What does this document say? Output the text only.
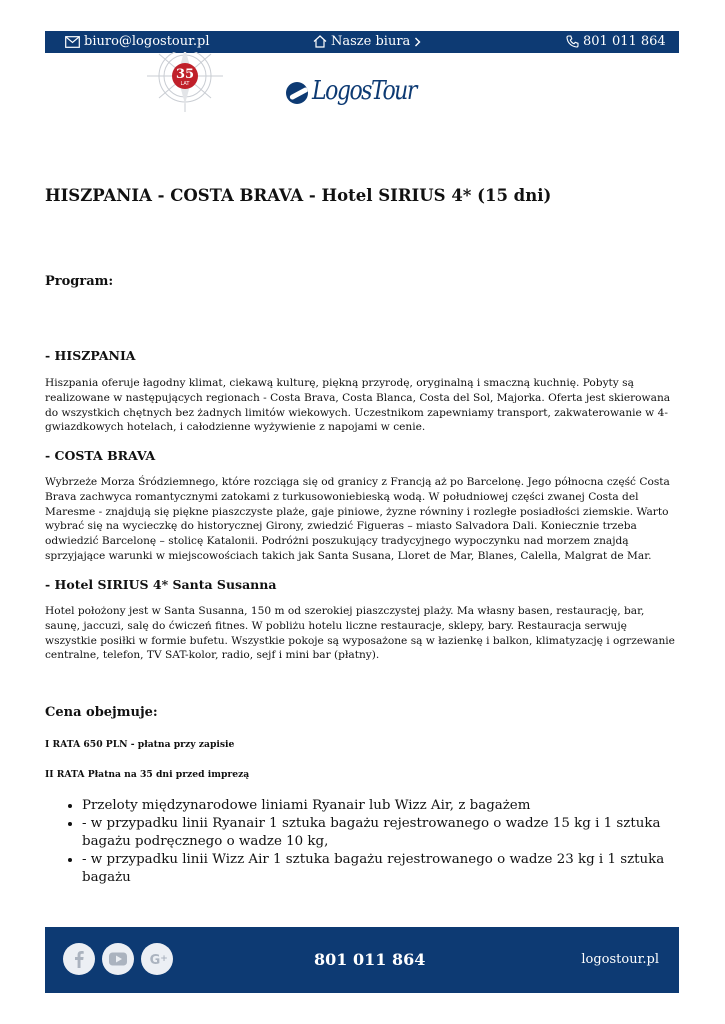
biuro@logostour.pl	Nasze biura	801 011 864
35
LAT	LogosTour
HISZPANIA - COSTA BRAVA - Hotel SIRIUS 4* (15 dni)
Program:
- HISZPANIA

Hiszpania oferuje łagodny klimat, ciekawą kulturę, piękną przyrodę, oryginalną i smaczną kuchnię. Pobyty są realizowane w następujących regionach - Costa Brava, Costa Blanca, Costa del Sol, Majorka. Oferta jest skierowana do wszystkich chętnych bez żadnych limitów wiekowych. Uczestnikom zapewniamy transport, zakwaterowanie w 4-gwiazdkowych hotelach, i całodzienne wyżywienie z napojami w cenie.

- COSTA BRAVA

Wybrzeże Morza Śródziemnego, które rozciąga się od granicy z Francją aż po Barcelonę. Jego północna część Costa Brava zachwyca romantycznymi zatokami z turkusowoniebieską wodą. W południowej części zwanej Costa del Maresme - znajdują się piękne piaszczyste plaże, gaje piniowe, żyzne równiny i rozległe posiadłości ziemskie. Warto wybrać się na wycieczkę do historycznej Girony, zwiedzić Figueras – miasto Salvadora Dali. Koniecznie trzeba odwiedzić Barcelonę – stolicę Katalonii. Podróżni poszukujący tradycyjnego wypoczynku nad morzem znajdą sprzyjające warunki w miejscowościach takich jak Santa Susana, Lloret de Mar, Blanes, Calella, Malgrat de Mar.

- Hotel SIRIUS 4* Santa Susanna

Hotel położony jest w Santa Susanna, 150 m od szerokiej piaszczystej plaży. Ma własny basen, restaurację, bar, saunę, jaccuzi, salę do ćwiczeń fitnes. W pobliżu hotelu liczne restauracje, sklepy, bary. Restauracja serwuję wszystkie posiłki w formie bufetu. Wszystkie pokoje są wyposażone są w łazienkę i balkon, klimatyzację i ogrzewanie centralne, telefon, TV SAT-kolor, radio, sejf i mini bar (płatny).

Cena obejmuje:
I RATA 650 PLN - płatna przy zapisie
II RATA Płatna na 35 dni przed imprezą
• Przeloty międzynarodowe liniami Ryanair lub Wizz Air, z bagażem
• - w przypadku linii Ryanair 1 sztuka bagażu rejestrowanego o wadze 15 kg i 1 sztuka bagażu podręcznego o wadze 10 kg,
• - w przypadku linii Wizz Air 1 sztuka bagażu rejestrowanego o wadze 23 kg i 1 sztuka bagażu
G +	801 011 864	logostour.pl
